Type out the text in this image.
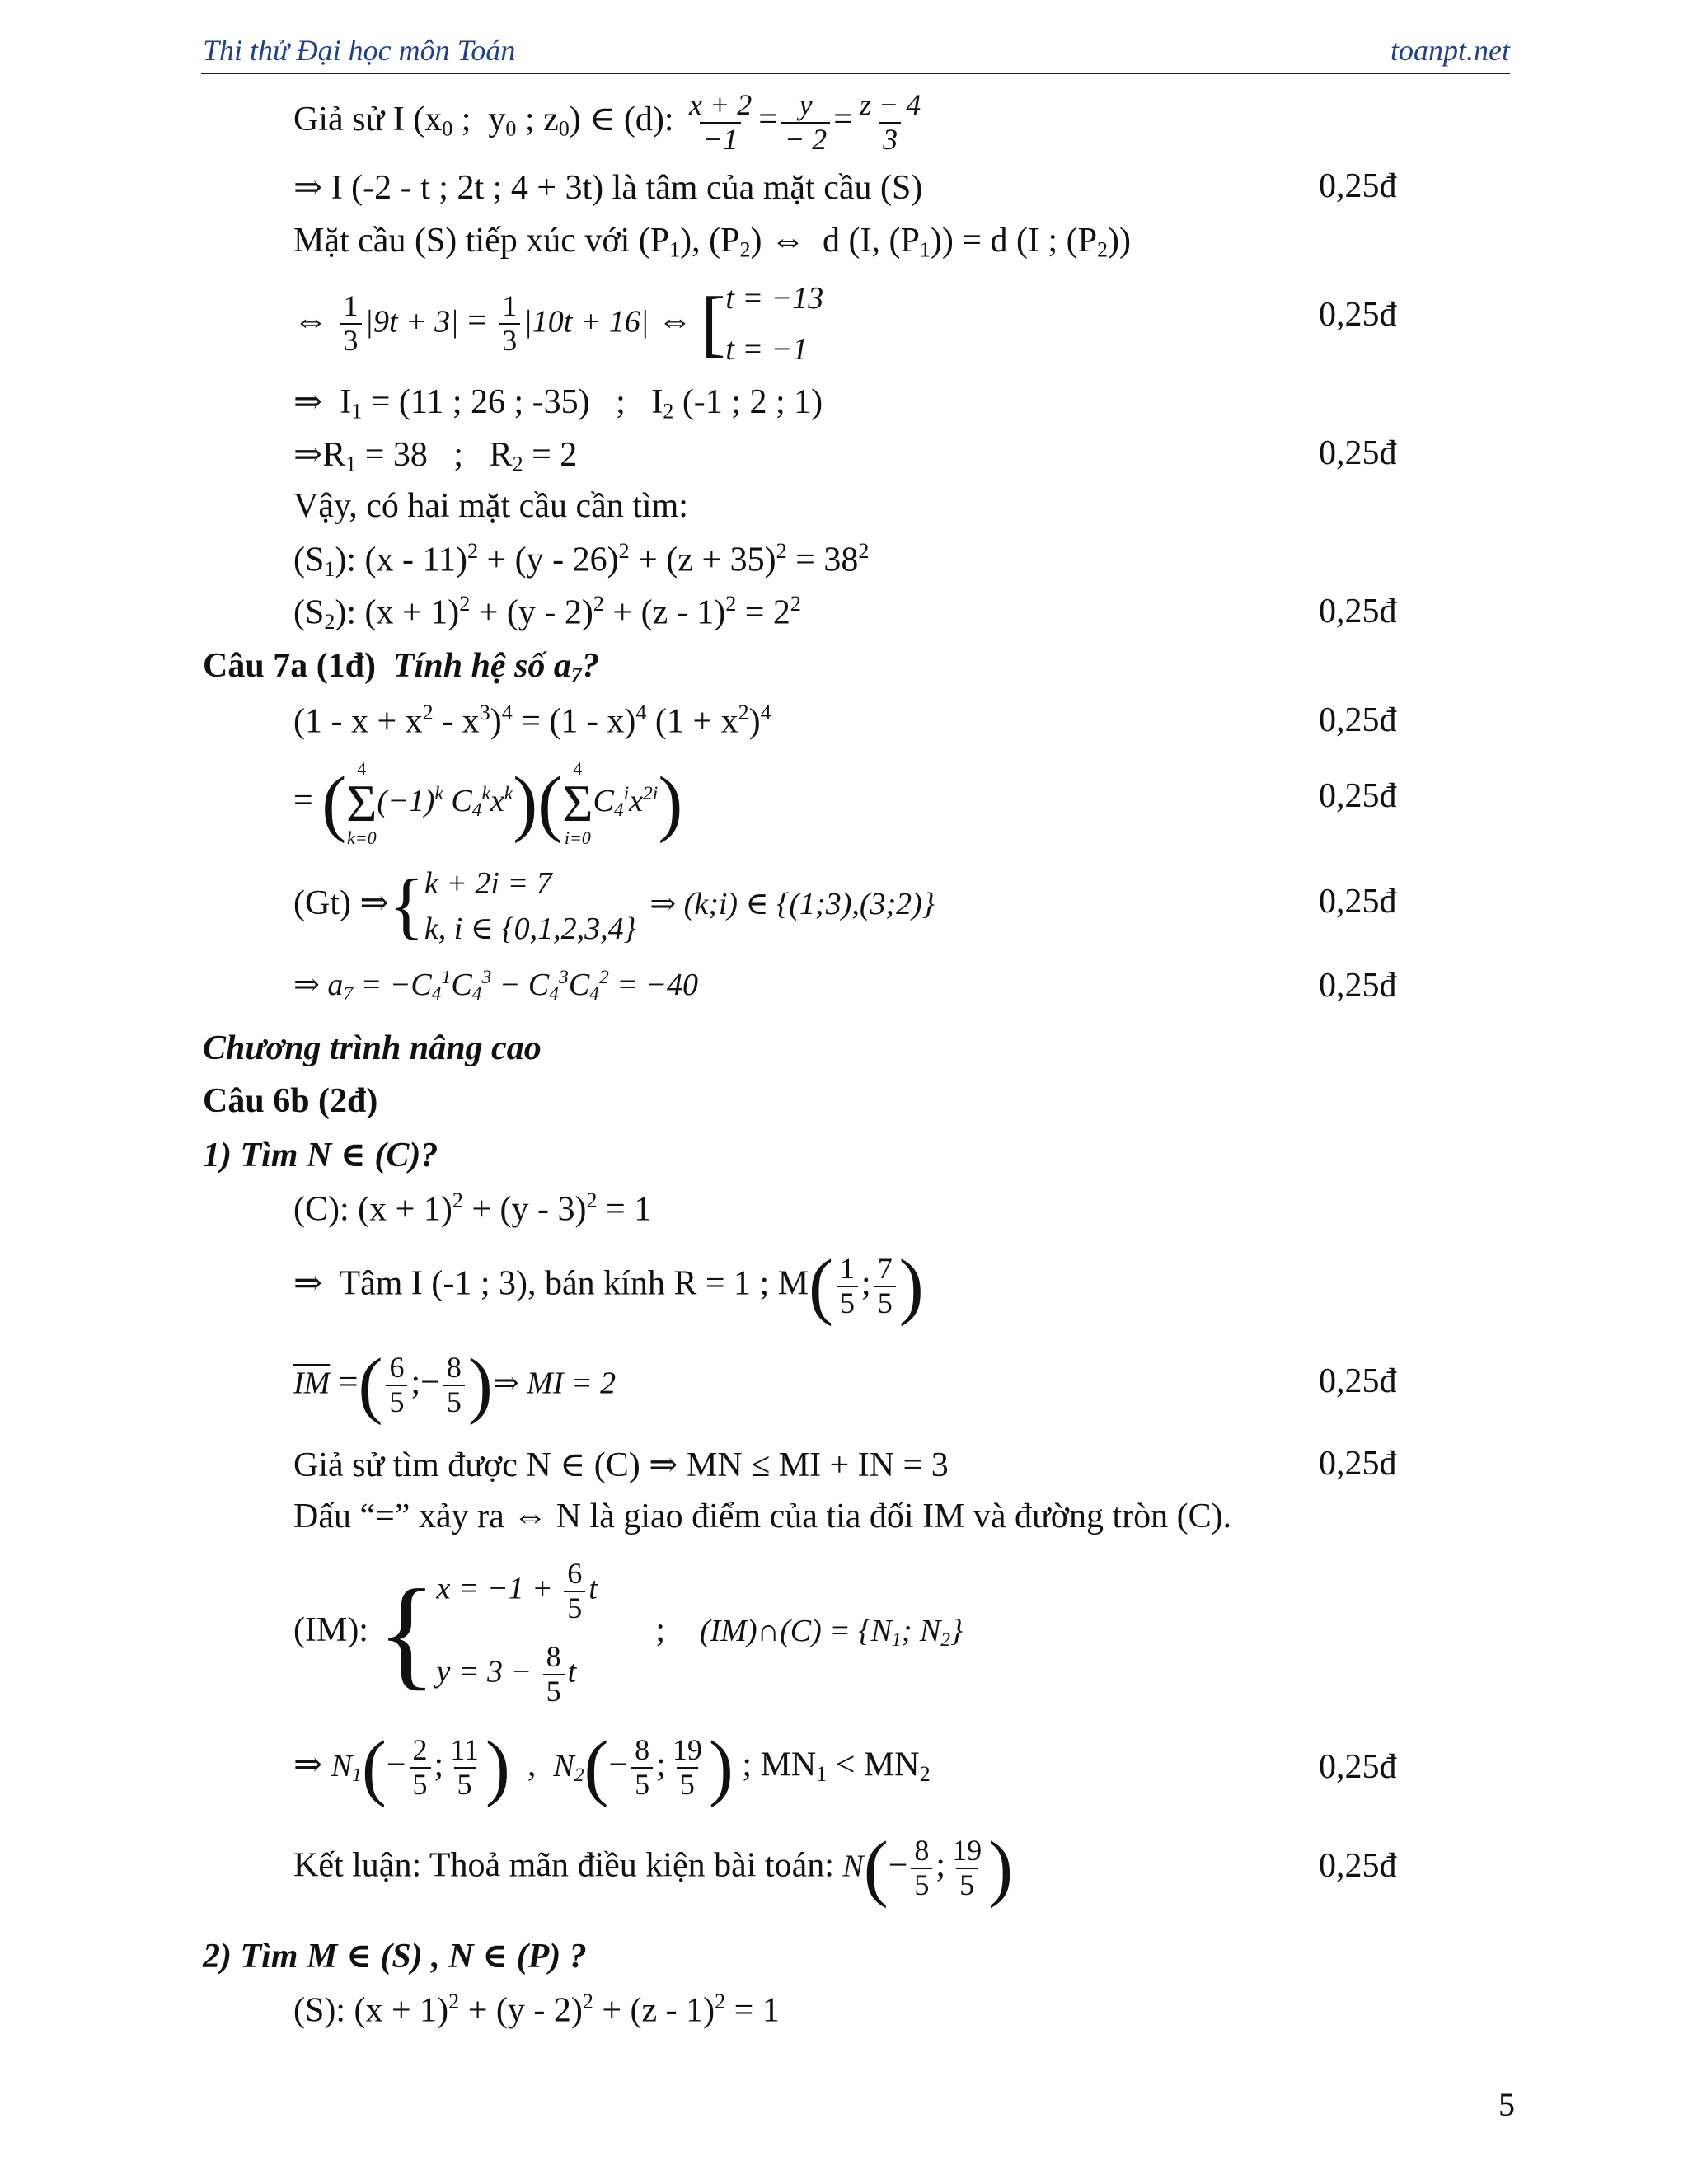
Thi thử Đại học môn Toán	toanpt.net
Giả sử I ($x_0$ ;  $y_0$ ; $z_0$) ∈ (d): $\frac{x + 2}{-1} = \frac{y}{- 2} = \frac{z - 4}{3}$
⇒ I (-2 - t ; 2t ; 4 + 3t) là tâm của mặt cầu (S)	0,25đ
Mặt cầu (S) tiếp xúc với $(P_1)$, $(P_2)$ ⇔  d (I, $(P_1)) = d$ (I ; $(P_2)$)
⇔ $\frac{1}{3} |9t + 3| = \frac{1}{3} |10t + 16|$ ⇔ [ t = −13
t = −1
0,25đ
⇒  $I_1 = (11$ ; 26 ; -35)   ;   $I_2$ (-1 ; 2 ; 1)
$\Rightarrow R_1 = 38$   ;   $R_2 = 2$	0,25đ
Vậy, có hai mặt cầu cần tìm:
$(S_1)$: $(x - 11)^2 + (y - 26)^2 + (z + 35)^2 = 38^2$
$(S_2)$: $(x + 1)^2 + (y - 2)^2 + (z - 1)^2 = 2^2$	0,25đ
Câu 7a (1đ) Tính hệ số $a_7$?
$(1 - x + x^2 - x^3)^4 = (1 - x)^4$ $(1 + x^2)^4$	0,25đ
= ( 4
Σ
k=0
$(-1)^k$ $C_4^kx^k$)( 4
Σ
i=0
$C_4^ix^{2i}$)	0,25đ
(Gt) ⇒{ k + 2i = 7
k, i ∈ {0,1,2,3,4}
⇒ (k;i) ∈ {(1;3),(3;2)}	0,25đ
⇒ $a_7 = -C_4^1C_4^3 - C_4^3C_4^2 = -40$	0,25đ
Chương trình nâng cao
Câu 6b (2đ)
1) Tìm N ∈ (C)?
(C): $(x + 1)^2 + (y - 3)^2 = 1$
⇒  Tâm I (-1 ; 3), bán kính R = 1 ; $M( \frac{1}{5}$ ; $\frac{7}{5}$ )
$\overline{IM}$ =( $\frac{6}{5}$ ;− $\frac{8}{5}$ )⇒ MI = 2	0,25đ
Giả sử tìm được N ∈ (C) ⇒ MN ≤ MI + IN = 3	0,25đ
Dấu “=” xảy ra ⇔ N là giao điểm của tia đối IM và đường tròn (C).
(IM): { $x = -1 + \frac{6}{5}$ t
$y = 3 - \frac{8}{5}$ t
;    (IM)∩(C) = {$N_1$; $N_2$}
⇒ $N_1(- \frac{2}{5}$ ; $\frac{11}{5}$ )  ,  $N_2(- \frac{8}{5}$ ; $\frac{19}{5}$ ) ; $MN_1 < MN_2$	0,25đ
Kết luận: Thoả mãn điều kiện bài toán: $N(- \frac{8}{5}$ ; $\frac{19}{5}$ )	0,25đ
2) Tìm M ∈ (S) , N ∈ (P) ?
(S): $(x + 1)^2 + (y - 2)^2 + (z - 1)^2 = 1$
5
